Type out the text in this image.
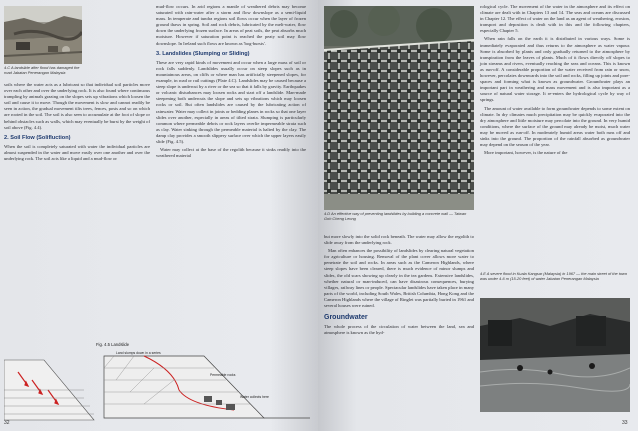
4.C A landslide after flood has damaged the road Jabatan Penerangan Malaysia

soils where the water acts as a lubricant so that individual soil particles move over each other and over the underlying rock. It is also found where continuous trampling by animals grazing on the slopes sets up vibrations which loosen the soil and cause it to move. Though the movement is slow and cannot readily be seen in action, the gradual movement tilts trees, fences, posts and so on which are rooted in the soil. The soil is also seen to accumulate at the foot of slope or behind obstacles such as walls, which may eventually be burst by the weight of soil above (Fig. 4.4).

2. Soil Flow (Solifluction)

When the soil is completely saturated with water the individual particles are almost suspended in the water and move easily over one another and over the underlying rock. The soil acts like a liquid and a mud-flow or

mud-flow occurs. In arid regions a mantle of weathered debris may become saturated with rain-water after a storm and flow downslope as a semi-liquid mass. In temperate and tundra regions soil flows occur when the layer of frozen ground thaws in spring. Soil and rock debris, lubricated by the melt-water, flow down the underlying frozen surface. In areas of peat soils, the peat absorbs much moisture. However if saturation point is reached the peaty soil may flow downslope. In Ireland such flows are known as 'bog-bursts'.

3. Landslides (Slumping or Sliding)

These are very rapid kinds of movement and occur when a large mass of soil or rock falls suddenly. Landslides usually occur on steep slopes such as in mountainous areas, on cliffs or where man has artificially steepened slopes, for example, in road or rail cuttings (Plate 4.C). Landslides may be caused because a steep slope is undercut by a river or the sea so that it falls by gravity. Earthquakes or volcanic disturbances may loosen rocks and start off a landslide. Man-made steepening both undercuts the slope and sets up vibrations which may loosen rocks or soil. But often landslides are caused by the lubricating action of rainwater. Water may collect in joints or bedding planes in rocks so that one layer slides over another, especially in areas of tilted strata. Slumping is particularly common where permeable debris or rock layers overlie impermeable strata such as clay. Water sinking through the permeable material is halted by the clay. The damp clay provides a smooth slippery surface over which the upper layers easily slide (Fig. 4.5).

Water may collect at the base of the regolith because it sinks readily into the weathered material

Fig. 4.5 Landslide
Land slumps down in a series
Permeable rocks
Water collects here
32
4.D An effective way of preventing landslides by building a concrete wall — Taiwan Goh Cheng Leong

but more slowly into the solid rock beneath. The water may allow the regolith to slide away from the underlying rock.

Man often enhances the possibility of landslides by clearing natural vegetation for agriculture or housing. Removal of the plant cover allows more water to penetrate the soil and rocks. In areas such as the Cameron Highlands, where steep slopes have been cleared, there is much evidence of minor slumps and slides, the old scars showing up clearly in the tea gardens. Extensive landslides, whether natural or man-induced, can have disastrous consequences, burying villages, railway lines or people. Spectacular landslides have taken place in many parts of the world, including South Wales, British Columbia, Hong Kong and the Cameron Highlands where the village of Ringlet was partially buried in 1961 and several houses were ruined.

Groundwater

The whole process of the circulation of water between the land, sea and atmosphere is known as the hyd-

rological cycle. The movement of the water in the atmosphere and its effect on climate are dealt with in Chapters 13 and 14. The seas and oceans are discussed in Chapter 12. The effect of water on the land as an agent of weathering, erosion, transport and deposition is dealt with in this and the following chapters, especially Chapter 5.

When rain falls on the earth it is distributed in various ways. Some is immediately evaporated and thus returns to the atmosphere as water vapour. Some is absorbed by plants and only gradually returned to the atmosphere by transpiration from the leaves of plants. Much of it flows directly off slopes to join streams and rivers, eventually reaching the seas and oceans. This is known as run-off. A considerable proportion of the water received from rain or snow, however, percolates downwards into the soil and rocks, filling up joints and pore-spaces and forming what is known as groundwater. Groundwater plays an important part in weathering and mass movement and is also important as a source of natural water storage. It re-enters the hydrological cycle by way of springs.

The amount of water available to form groundwater depends to some extent on climate. In dry climates much precipitation may be quickly evaporated into the dry atmosphere and little moisture may percolate into the ground. In very humid conditions, where the surface of the ground may already be moist, much water may be moved as run-off. In moderately humid areas water both runs off and sinks into the ground. The proportion of the rainfall absorbed as groundwater may depend on the season of the year.

More important, however, is the nature of the

4.E A severe flood in Kuala Kangsar (Malaysia) in 1967 — the main street of the town was under 4-6 m (15-20 feet) of water Jabatan Penerangan Malaysia
33
